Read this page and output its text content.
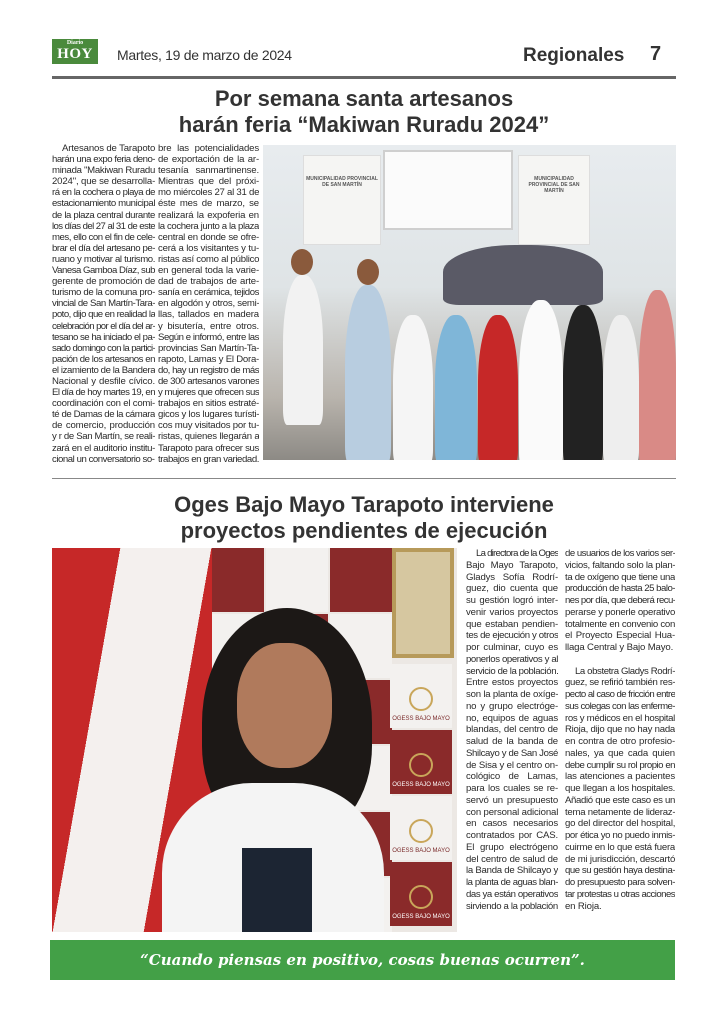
Diario
HOY	Martes, 19 de marzo de 2024	Regionales 7
Por semana santa artesanos
harán feria “Makiwan Ruradu 2024”
Artesanos de Tarapoto
harán una expo feria deno-
minada "Makiwan Ruradu
2024", que se desarrolla-
rá en la cochera o playa de
estacionamiento municipal
de la plaza central durante
los días del 27 al 31 de este
mes, ello con el fin de cele-
brar el día del artesano pe-
ruano y motivar al turismo.
Vanesa Gamboa Díaz, sub
gerente de promoción de
turismo de la comuna pro-
vincial de San Martín-Tara-
poto, dijo que en realidad la
celebración por el día del ar-
tesano se ha iniciado el pa-
sado domingo con la partici-
pación de los artesanos en
el izamiento de la Bandera
Nacional y desfile cívico.
El día de hoy martes 19, en
coordinación con el comi-
té de Damas de la cámara
de comercio, producción
y r de San Martín, se reali-
zará en el auditorio institu-
cional un conversatorio so-
bre las potencialidades
de exportación de la ar-
tesanía sanmartinense.
Mientras que del próxi-
mo miércoles 27 al 31 de
éste mes de marzo, se
realizará la expoferia en
la cochera junto a la plaza
central en donde se ofre-
cerá a los visitantes y tu-
ristas así como al público
en general toda la varie-
dad de trabajos de arte-
sanía en cerámica, tejidos
en algodón y otros, semi-
llas, tallados en madera
y bisutería, entre otros.
Según e informó, entre las
provincias San Martín-Ta-
rapoto, Lamas y El Dora-
do, hay un registro de más
de 300 artesanos varones
y mujeres que ofrecen sus
trabajos en sitios estraté-
gicos y los lugares turísti-
cos muy visitados por tu-
ristas, quienes llegarán a
Tarapoto para ofrecer sus
trabajos en gran variedad.
MUNICIPALIDAD PROVINCIAL DE SAN MARTÍN
MUNICIPALIDAD PROVINCIAL DE SAN MARTÍN
Oges Bajo Mayo Tarapoto interviene
proyectos pendientes de ejecución
OGESS BAJO MAYO
OGESS BAJO MAYO
OGESS BAJO MAYO
OGESS BAJO MAYO
La directora de la Oges
Bajo Mayo Tarapoto,
Gladys Sofía Rodrí-
guez, dio cuenta que
su gestión logró inter-
venir varios proyectos
que estaban pendien-
tes de ejecución y otros
por culminar, cuyo es
ponerlos operativos y al
servicio de la población.
Entre estos proyectos
son la planta de oxíge-
no y grupo electróge-
no, equipos de aguas
blandas, del centro de
salud de la banda de
Shilcayo y de San José
de Sisa y el centro on-
cológico de Lamas,
para los cuales se re-
servó un presupuesto
con personal adicional
en casos necesarios
contratados por CAS.
El grupo electrógeno
del centro de salud de
la Banda de Shilcayo y
la planta de aguas blan-
das ya están operativos
sirviendo a la población
de usuarios de los varios ser-
vicios, faltando solo la plan-
ta de oxígeno que tiene una
producción de hasta 25 balo-
nes por día, que deberá recu-
perarse y ponerle operativo
totalmente en convenio con
el Proyecto Especial Hua-
llaga Central y Bajo Mayo.
La obstetra Gladys Rodrí-
guez, se refirió también res-
pecto al caso de fricción entre
sus colegas con las enferme-
ros y médicos en el hospital
Rioja, dijo que no hay nada
en contra de otro profesio-
nales, ya que cada quien
debe cumplir su rol propio en
las atenciones a pacientes
que llegan a los hospitales.
Añadió que este caso es un
tema netamente de lideraz-
go del director del hospital,
por ética yo no puedo inmis-
cuirme en lo que está fuera
de mi jurisdicción, descartó
que su gestión haya destina-
do presupuesto para solven-
tar protestas u otras acciones
en Rioja.
“Cuando piensas en positivo, cosas buenas ocurren”.
